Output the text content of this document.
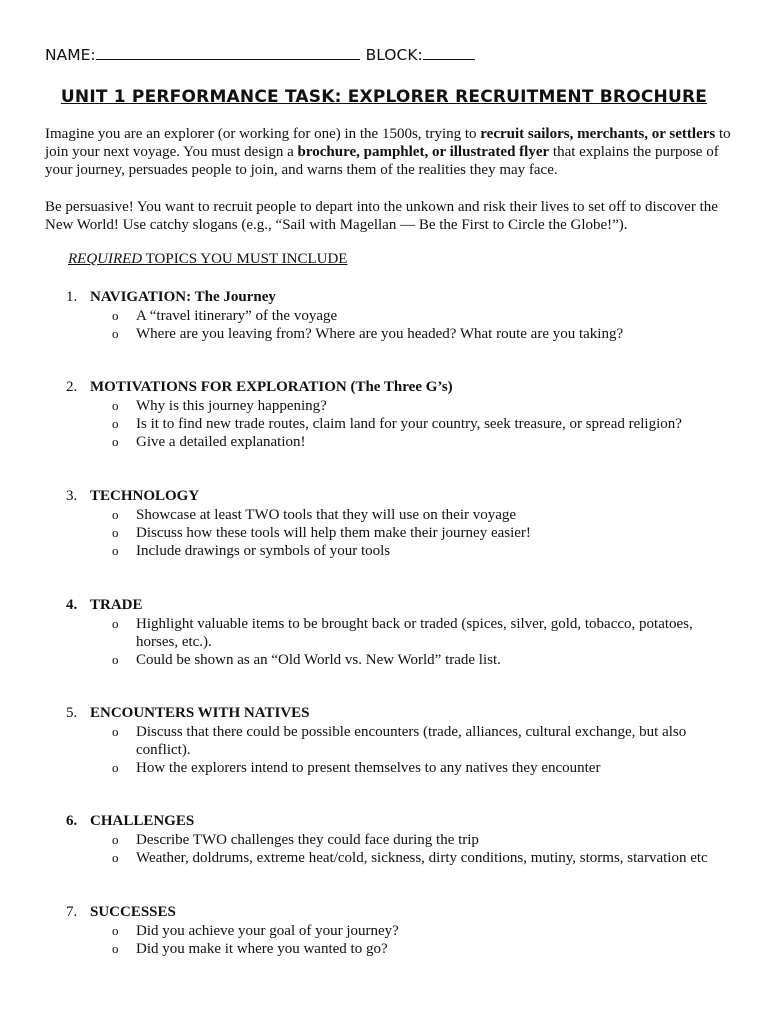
NAME:	BLOCK:
UNIT 1 PERFORMANCE TASK: EXPLORER RECRUITMENT BROCHURE
Imagine you are an explorer (or working for one) in the 1500s, trying to recruit sailors, merchants, or settlers to join your next voyage. You must design a brochure, pamphlet, or illustrated flyer that explains the purpose of your journey, persuades people to join, and warns them of the realities they may face.
Be persuasive! You want to recruit people to depart into the unkown and risk their lives to set off to discover the New World! Use catchy slogans (e.g., “Sail with Magellan — Be the First to Circle the Globe!”).
REQUIRED TOPICS YOU MUST INCLUDE
1. NAVIGATION: The Journey
o A “travel itinerary” of the voyage
o Where are you leaving from? Where are you headed? What route are you taking?
2. MOTIVATIONS FOR EXPLORATION (The Three G’s)
o Why is this journey happening?
o Is it to find new trade routes, claim land for your country, seek treasure, or spread religion?
o Give a detailed explanation!
3. TECHNOLOGY
o Showcase at least TWO tools that they will use on their voyage
o Discuss how these tools will help them make their journey easier!
o Include drawings or symbols of your tools
4. TRADE
o Highlight valuable items to be brought back or traded (spices, silver, gold, tobacco, potatoes, horses, etc.).
o Could be shown as an “Old World vs. New World” trade list.
5. ENCOUNTERS WITH NATIVES
o Discuss that there could be possible encounters (trade, alliances, cultural exchange, but also conflict).
o How the explorers intend to present themselves to any natives they encounter
6. CHALLENGES
o Describe TWO challenges they could face during the trip
o Weather, doldrums, extreme heat/cold, sickness, dirty conditions, mutiny, storms, starvation etc
7. SUCCESSES
o Did you achieve your goal of your journey?
o Did you make it where you wanted to go?
